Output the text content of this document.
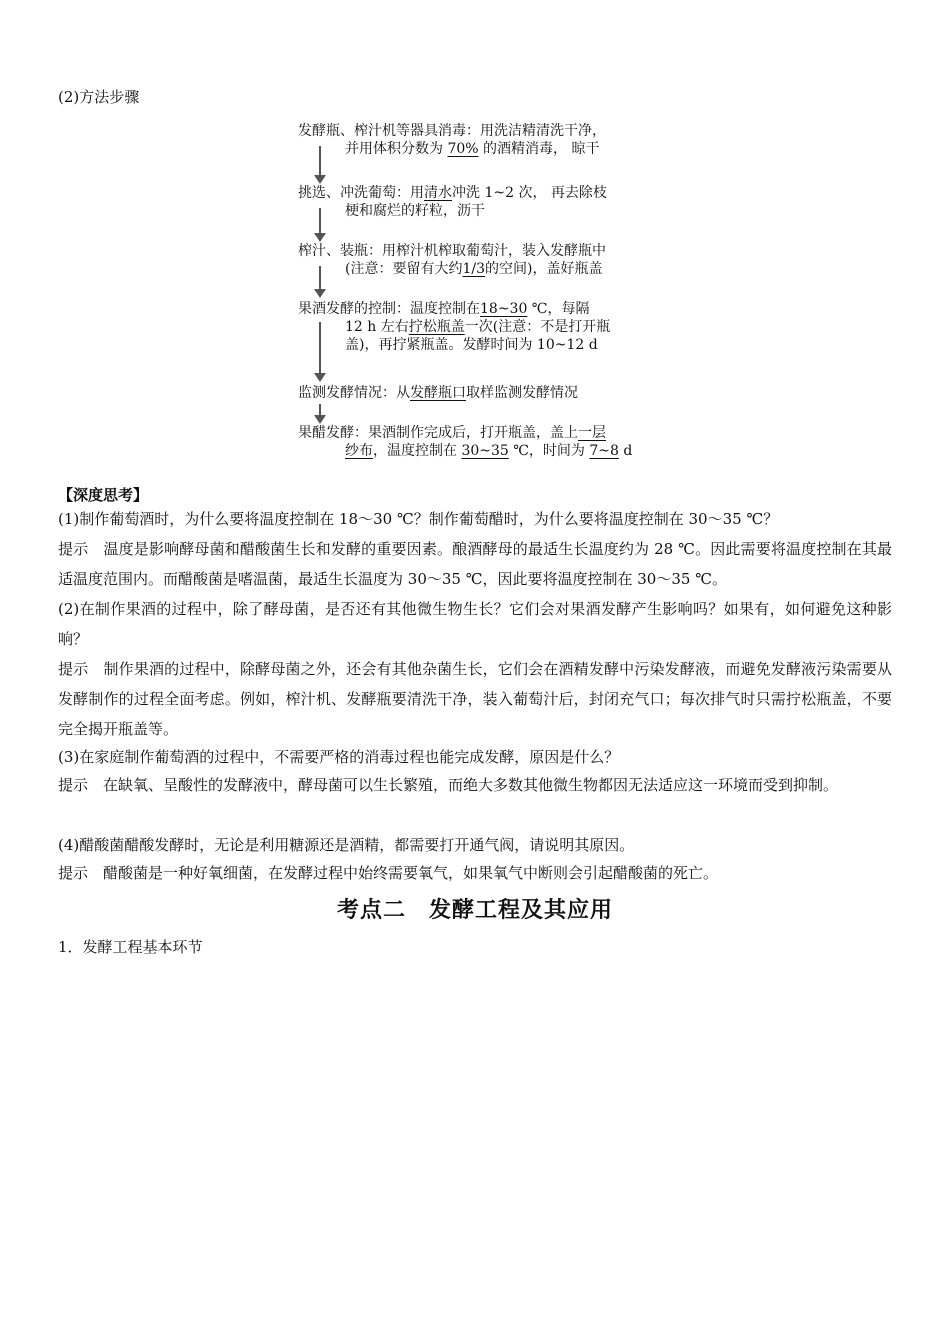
(2)方法步骤
发酵瓶、榨汁机等器具消毒：用洗洁精清洗干净，
并用体积分数为 70% 的酒精消毒， 晾干
挑选、冲洗葡萄：用清水冲洗 1~2 次， 再去除枝
梗和腐烂的籽粒，沥干
榨汁、装瓶：用榨汁机榨取葡萄汁，装入发酵瓶中
(注意：要留有大约1/3的空间)，盖好瓶盖
果酒发酵的控制：温度控制在18~30 ℃，每隔
12 h 左右拧松瓶盖一次(注意：不是打开瓶
盖)，再拧紧瓶盖。发酵时间为 10~12 d
监测发酵情况：从发酵瓶口取样监测发酵情况
果醋发酵：果酒制作完成后，打开瓶盖，盖上一层
纱布，温度控制在 30~35 ℃，时间为 7~8 d
【深度思考】
(1)制作葡萄酒时，为什么要将温度控制在 18～30 ℃？制作葡萄醋时，为什么要将温度控制在 30～35 ℃？
提示　温度是影响酵母菌和醋酸菌生长和发酵的重要因素。酿酒酵母的最适生长温度约为 28 ℃。因此需要将温度控制在其最适温度范围内。而醋酸菌是嗜温菌，最适生长温度为 30～35 ℃，因此要将温度控制在 30～35 ℃。
(2)在制作果酒的过程中，除了酵母菌，是否还有其他微生物生长？它们会对果酒发酵产生影响吗？如果有，如何避免这种影响？
提示　制作果酒的过程中，除酵母菌之外，还会有其他杂菌生长，它们会在酒精发酵中污染发酵液，而避免发酵液污染需要从发酵制作的过程全面考虑。例如，榨汁机、发酵瓶要清洗干净，装入葡萄汁后，封闭充气口；每次排气时只需拧松瓶盖，不要完全揭开瓶盖等。
(3)在家庭制作葡萄酒的过程中，不需要严格的消毒过程也能完成发酵，原因是什么？
提示　在缺氧、呈酸性的发酵液中，酵母菌可以生长繁殖，而绝大多数其他微生物都因无法适应这一环境而受到抑制。
(4)醋酸菌醋酸发酵时，无论是利用糖源还是酒精，都需要打开通气阀，请说明其原因。
提示　醋酸菌是一种好氧细菌，在发酵过程中始终需要氧气，如果氧气中断则会引起醋酸菌的死亡。
考点二　发酵工程及其应用
1．发酵工程基本环节
